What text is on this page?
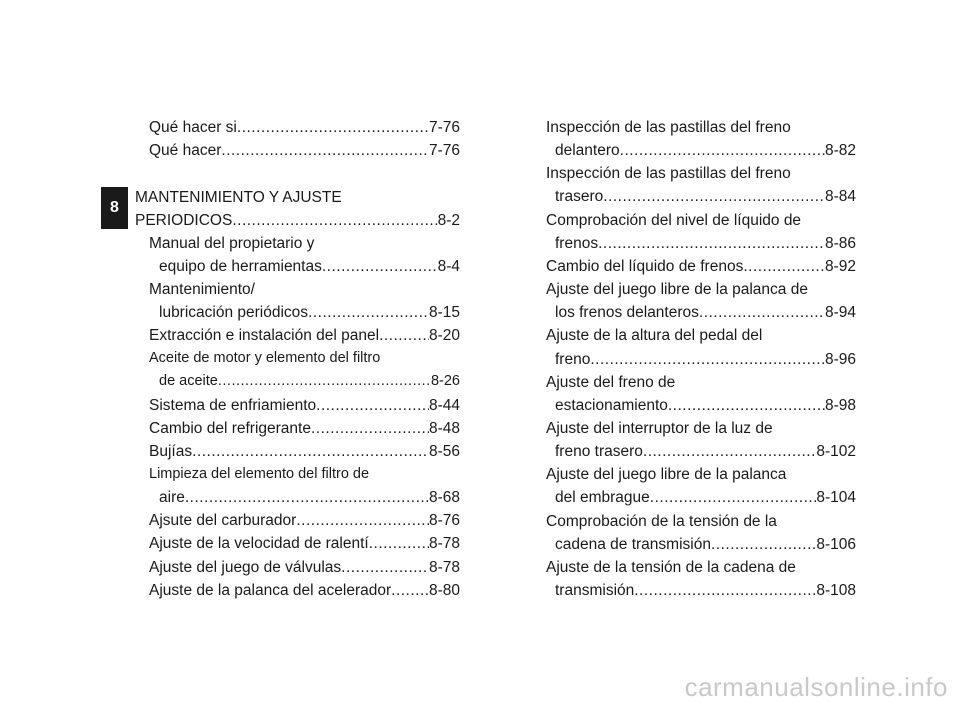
8
Qué hacer si .....	7-76
Qué hacer .....	7-76
MANTENIMIENTO Y AJUSTE
PERIODICOS .....	8-2
Manual del propietario y
equipo de herramientas .....	8-4
Mantenimiento/
lubricación periódicos .....	8-15
Extracción e instalación del panel .....	8-20
Aceite de motor y elemento del filtro
de aceite .....	8-26
Sistema de enfriamiento .....	8-44
Cambio del refrigerante .....	8-48
Bujías .....	8-56
Limpieza del elemento del filtro de
aire .....	8-68
Ajsute del carburador .....	8-76
Ajuste de la velocidad de ralentí .....	8-78
Ajuste del juego de válvulas .....	8-78
Ajuste de la palanca del acelerador ..... 8-80
Inspección de las pastillas del freno
delantero .....	8-82
Inspección de las pastillas del freno
trasero .....	8-84
Comprobación del nivel de líquido de
frenos .....	8-86
Cambio del líquido de frenos .....	8-92
Ajuste del juego libre de la palanca de
los frenos delanteros .....	8-94
Ajuste de la altura del pedal del
freno .....	8-96
Ajuste del freno de
estacionamiento .....	8-98
Ajuste del interruptor de la luz de
freno trasero .....	8-102
Ajuste del juego libre de la palanca
del embrague .....	8-104
Comprobación de la tensión de la
cadena de transmisión .....	8-106
Ajuste de la tensión de la cadena de
transmisión .....	8-108
carmanualsonline.info
